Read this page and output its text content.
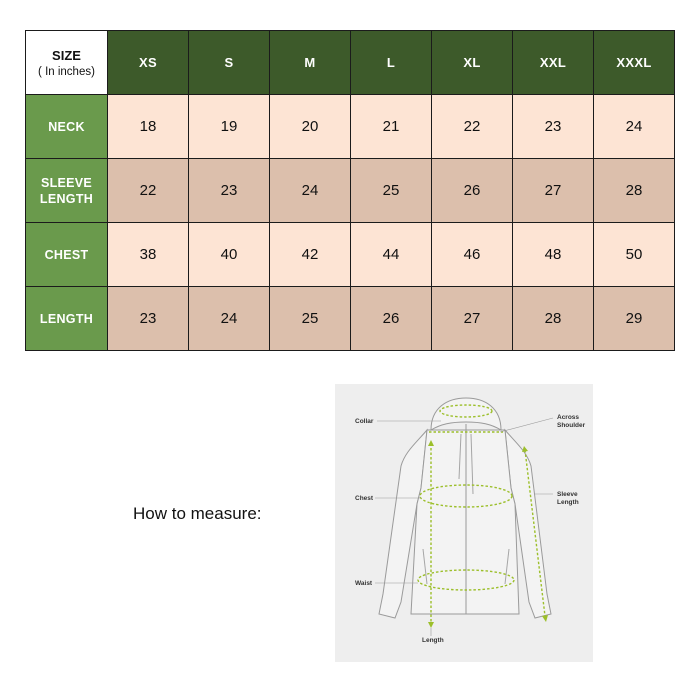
SIZE
( In inches)	XS	S	M	L	XL	XXL	XXXL
NECK	18	19	20	21	22	23	24

SLEEVE
LENGTH	22	23	24	25	26	27	28
CHEST	38	40	42	44	46	48	50
LENGTH	23	24	25	26	27	28	29
How to measure:
Collar
Across
Shoulder
Chest
Sleeve
Length
Waist
Length
